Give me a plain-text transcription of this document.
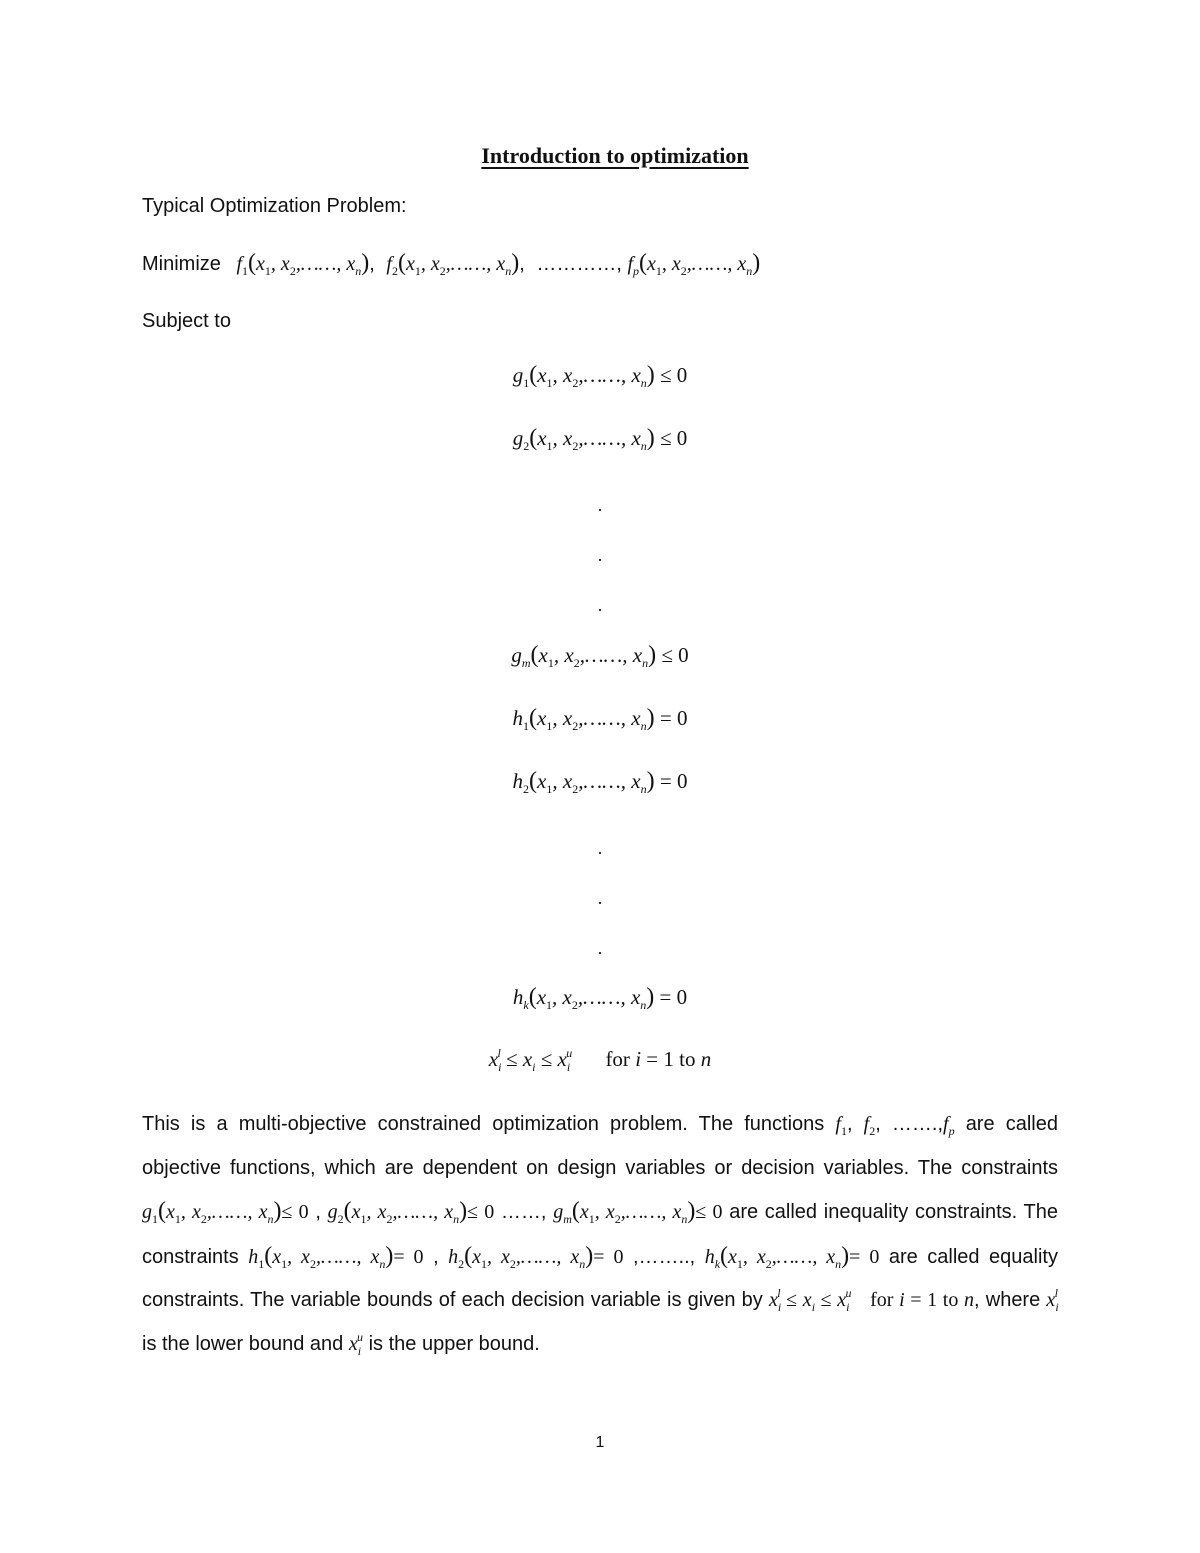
Introduction to optimization
Typical Optimization Problem:
Minimize $f_1(x_1$, $x_2,\dots\dots$, $x_n$), $f_2(x_1$, $x_2,\dots\dots$, $x_n$), …………, $f_p(x_1$, $x_2,\dots\dots$, $x_n$)
Subject to
$g_1(x_1$, $x_2,\dots\dots$, $x_n) \le 0$
$g_2(x_1$, $x_2,\dots\dots$, $x_n) \le 0$
.
.
.
$g_m(x_1$, $x_2,\dots\dots$, $x_n) \le 0$
$h_1(x_1$, $x_2,\dots\dots$, $x_n) = 0$
$h_2(x_1$, $x_2,\dots\dots$, $x_n) = 0$
.
.
.
$h_k(x_1$, $x_2,\dots\dots$, $x_n) = 0$
$x_i^l \le x_i \le x_i^u$ for i = 1 to n
This is a multi-objective constrained optimization problem. The functions $f_1$, $f_2$, $\dots\dots.,f_p$ are called objective functions, which are dependent on design variables or decision variables. The constraints $g_1(x_1$, $x_2,\dots\dots$, $x_n)\le 0$ , $g_2(x_1$, $x_2,\dots\dots$, $x_n)\le 0$ ……, $g_m(x_1$, $x_2,\dots\dots$, $x_n)\le 0$ are called inequality constraints. The constraints $h_1(x_1$, $x_2,\dots\dots$, $x_n)= 0$ , $h_2(x_1$, $x_2,\dots\dots$, $x_n)= 0$ ,…….., $h_k(x_1$, $x_2,\dots\dots$, $x_n)= 0$ are called equality constraints. The variable bounds of each decision variable is given by $x_i^l \le x_i \le x_i^u$ for i = 1 to n, where $x_i^l$ is the lower bound and $x_i^u$ is the upper bound.
1
